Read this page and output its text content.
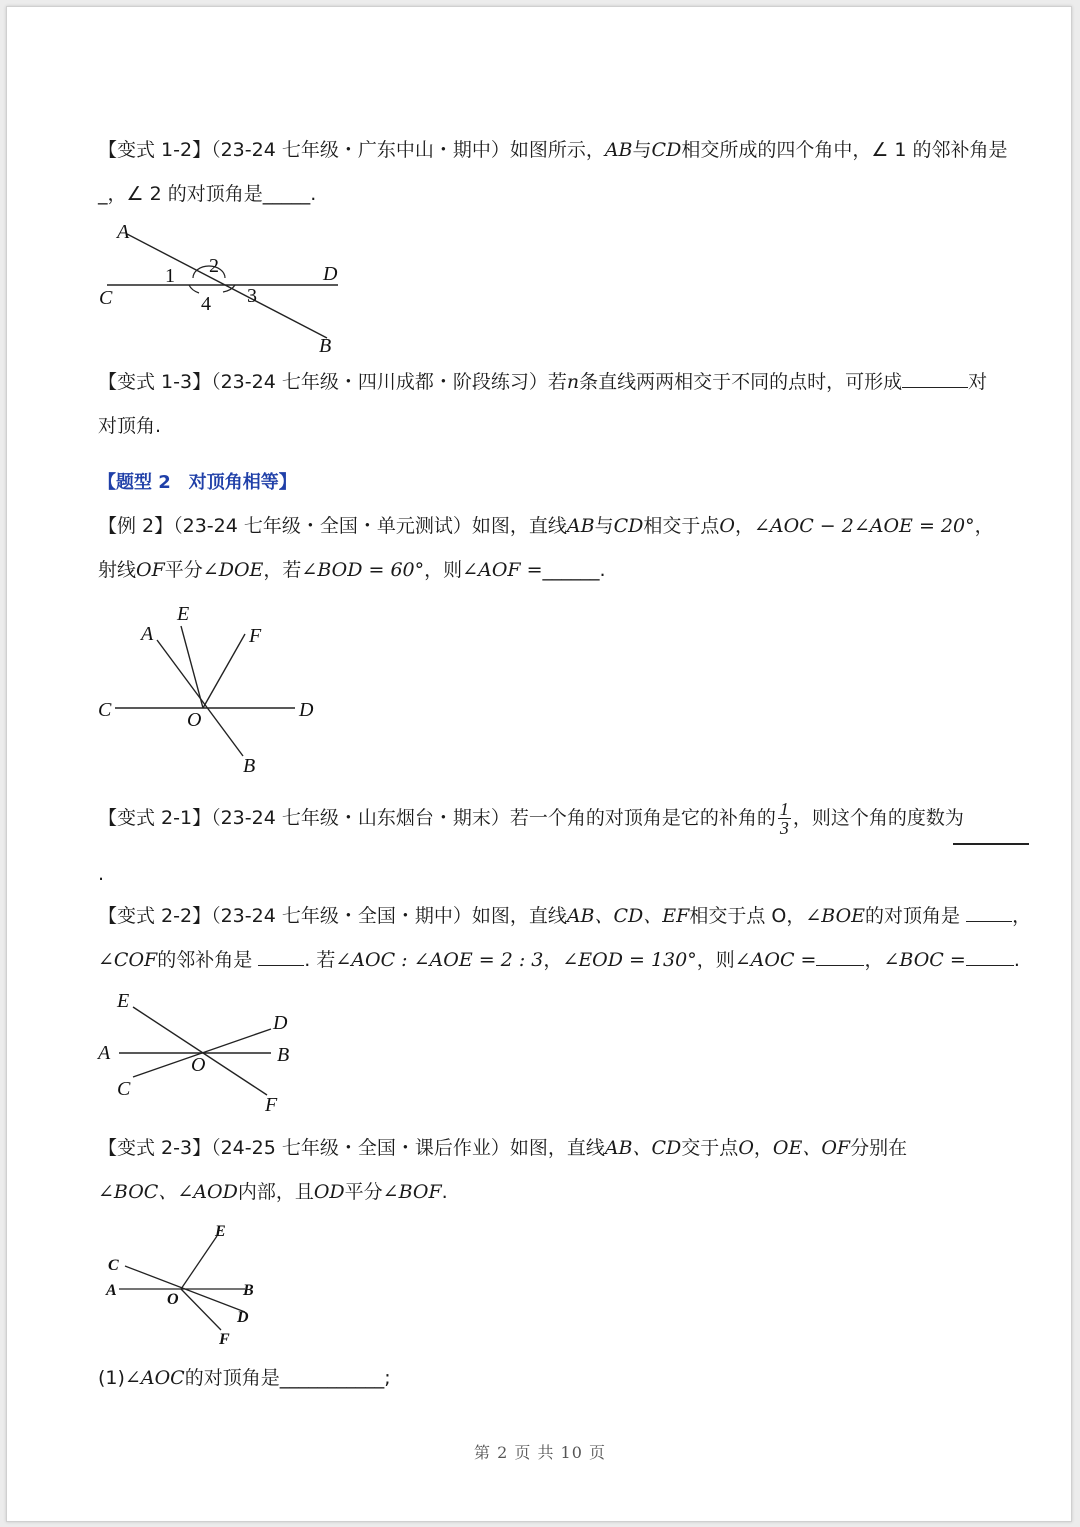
【变式 1-2】（23-24 七年级・广东中山・期中）如图所示，AB与CD相交所成的四个角中，∠ 1 的邻补角是
_，∠ 2 的对顶角是_____.
A
C
D
B
1 2
3
4
【变式 1-3】（23-24 七年级・四川成都・阶段练习）若n条直线两两相交于不同的点时，可形成	对
对顶角.
【题型 2　对顶角相等】
【例 2】（23-24 七年级・全国・单元测试）如图，直线AB与CD相交于点O，∠AOC − 2∠AOE = 20°，
射线OF平分∠DOE，若∠BOD = 60°，则∠AOF =______.
E
A	F
C	O	D
B
【变式 2-1】（23-24 七年级・山东烟台・期末）若一个角的对顶角是它的补角的 $\frac{1}{3}$ ，则这个角的度数为
.
【变式 2-2】（23-24 七年级・全国・期中）如图，直线AB、CD、EF相交于点 O，∠BOE的对顶角是	，
∠COF的邻补角是	. 若∠AOC : ∠AOE = 2 : 3，∠EOD = 130°，则∠AOC =	，∠BOC =	.
E
D
A
O	B
C
F
【变式 2-3】（24-25 七年级・全国・课后作业）如图，直线AB、CD交于点O，OE、OF分别在
∠BOC、∠AOD内部，且OD平分∠BOF.
E
C
A	B
O
D
F
(1)∠AOC的对顶角是___________;
第 2 页 共 10 页
